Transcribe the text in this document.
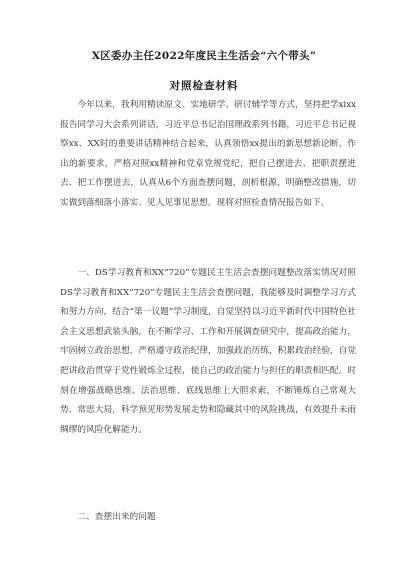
X区委办主任2022年度民主生活会“六个带头”
对照检查材料

今年以来，我利用精读原文、实地研学、研讨辅学等方式，坚持把学xixx报告同学习大会系列讲话，习近平总书记治国理政系列书籍，习近平总书记视察xx、XX时的重要讲话精神结合起来，认真领悟xx提出的新思想新论断、作出的新要求，严格对照xx精神和党章党规党纪，把自己摆进去、把职责摆进去、把工作摆进去，认真从6个方面查摆问题，剖析根源，明确整改措施，切实做到落细落小落实、见人见事见思想。现将对照检查情况报告如下。

一、DS学习教育和XX“720”专题民主生活会查摆问题整改落实情况对照DS学习教育和XX“720”专题民主生活会查摆问题，我能够及时调整学习方式和努力方向，结合“第一议题”学习制度，自觉坚持以习近平新时代中国特色社会主义思想武装头脑，在不断学习、工作和开展调查研究中，提高政治能力，牢固树立政治思想，严格遵守政治纪律，加强政治历练，积累政治经验，自觉把讲政治贯穿于党性锻炼全过程，使自己的政治能力与担任的职责相匹配。时刻在增强战略思维、法治思维、底线思维上大胆求索，不断锤炼自己常观大势、常思大局，科学预见形势发展走势和隐藏其中的风险挑战，有效提升未雨绸缪的风险化解能力。

二、查摆出来的问题
